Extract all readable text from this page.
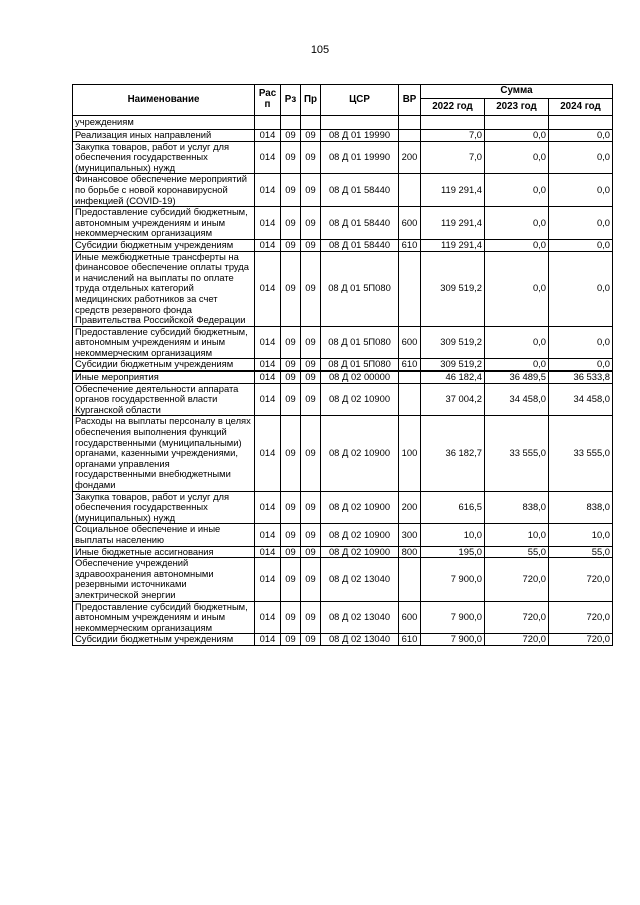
105
Наименование	Рас п	Рз	Пр	ЦСР	ВР	Сумма		
						2022 год	2023 год	2024 год
учреждениям								
Реализация иных направлений	014	09	09	08 Д 01 19990		7,0	0,0	0,0
Закупка товаров, работ и услуг для обеспечения государственных (муниципальных) нужд	014	09	09	08 Д 01 19990	200	7,0	0,0	0,0
Финансовое обеспечение мероприятий по борьбе с новой коронавирусной инфекцией (COVID-19)	014	09	09	08 Д 01 58440		119 291,4	0,0	0,0
Предоставление субсидий бюджетным, автономным учреждениям и иным некоммерческим организациям	014	09	09	08 Д 01 58440	600	119 291,4	0,0	0,0
Субсидии бюджетным учреждениям	014	09	09	08 Д 01 58440	610	119 291,4	0,0	0,0
Иные межбюджетные трансферты на финансовое обеспечение оплаты труда и начислений на выплаты по оплате труда отдельных категорий медицинских работников за счет средств резервного фонда Правительства Российской Федерации	014	09	09	08 Д 01 5П080		309 519,2	0,0	0,0
Предоставление субсидий бюджетным, автономным учреждениям и иным некоммерческим организациям	014	09	09	08 Д 01 5П080	600	309 519,2	0,0	0,0
Субсидии бюджетным учреждениям	014	09	09	08 Д 01 5П080	610	309 519,2	0,0	0,0
Иные мероприятия	014	09	09	08 Д 02 00000		46 182,4	36 489,5	36 533,8
Обеспечение деятельности аппарата органов государственной власти Курганской области	014	09	09	08 Д 02 10900		37 004,2	34 458,0	34 458,0
Расходы на выплаты персоналу в целях обеспечения выполнения функций государственными (муниципальными) органами, казенными учреждениями, органами управления государственными внебюджетными фондами	014	09	09	08 Д 02 10900	100	36 182,7	33 555,0	33 555,0
Закупка товаров, работ и услуг для обеспечения государственных (муниципальных) нужд	014	09	09	08 Д 02 10900	200	616,5	838,0	838,0
Социальное обеспечение и иные выплаты населению	014	09	09	08 Д 02 10900	300	10,0	10,0	10,0
Иные бюджетные ассигнования	014	09	09	08 Д 02 10900	800	195,0	55,0	55,0
Обеспечение учреждений здравоохранения автономными резервными источниками электрической энергии	014	09	09	08 Д 02 13040		7 900,0	720,0	720,0
Предоставление субсидий бюджетным, автономным учреждениям и иным некоммерческим организациям	014	09	09	08 Д 02 13040	600	7 900,0	720,0	720,0
Субсидии бюджетным учреждениям	014	09	09	08 Д 02 13040	610	7 900,0	720,0	720,0
